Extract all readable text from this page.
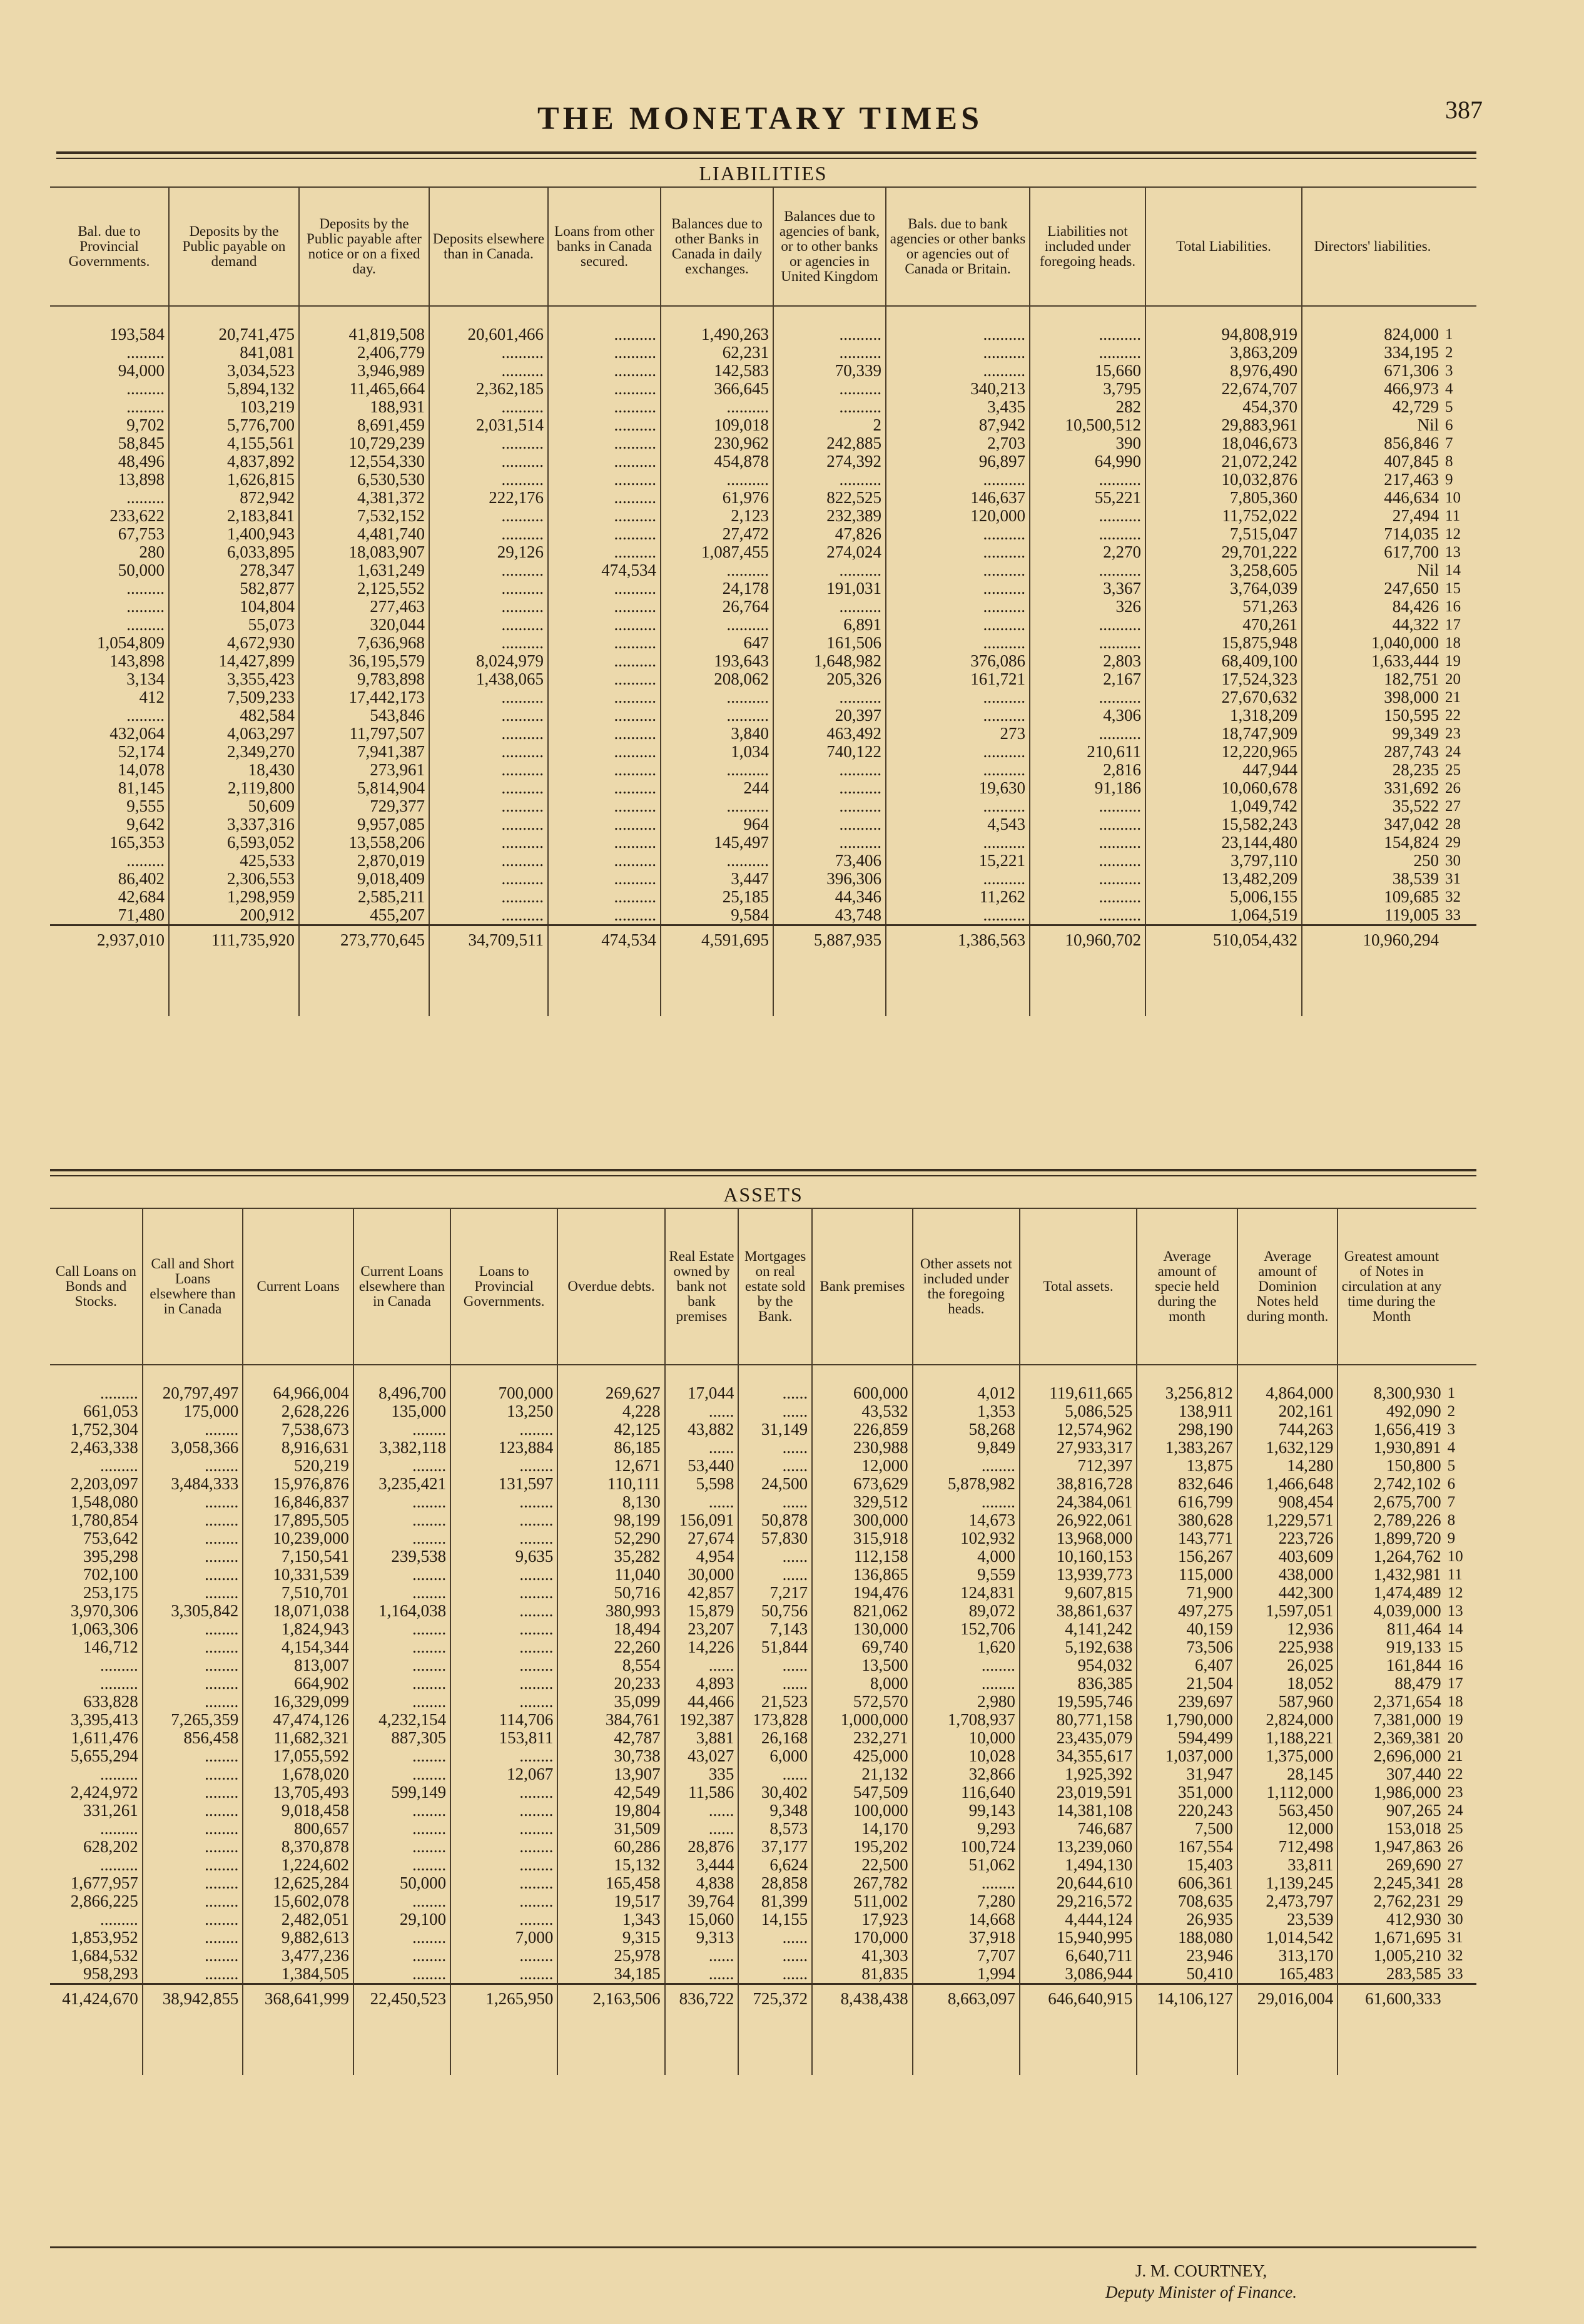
THE MONETARY TIMES	387
LIABILITIES
Bal. due to Provincial Governments.	Deposits by the Public payable on demand	Deposits by the Public payable after notice or on a fixed day.	Deposits elsewhere than in Canada.	Loans from other banks in Canada secured.	Balances due to other Banks in Canada in daily exchanges.	Balances due to agencies of bank, or to other banks or agencies in United Kingdom	Bals. due to bank agencies or other banks or agencies out of Canada or Britain.	Liabilities not included under foregoing heads.	Total Liabilities.	Directors' liabilities.	

193,584	20,741,475	41,819,508	20,601,466	..........	1,490,263	..........	..........	..........	94,808,919	824,000	1
.........	841,081	2,406,779	..........	..........	62,231	..........	..........	..........	3,863,209	334,195	2
94,000	3,034,523	3,946,989	..........	..........	142,583	70,339	..........	15,660	8,976,490	671,306	3
.........	5,894,132	11,465,664	2,362,185	..........	366,645	..........	340,213	3,795	22,674,707	466,973	4
.........	103,219	188,931	..........	..........	..........	..........	3,435	282	454,370	42,729	5
9,702	5,776,700	8,691,459	2,031,514	..........	109,018	2	87,942	10,500,512	29,883,961	Nil	6
58,845	4,155,561	10,729,239	..........	..........	230,962	242,885	2,703	390	18,046,673	856,846	7
48,496	4,837,892	12,554,330	..........	..........	454,878	274,392	96,897	64,990	21,072,242	407,845	8
13,898	1,626,815	6,530,530	..........	..........	..........	..........	..........	..........	10,032,876	217,463	9
.........	872,942	4,381,372	222,176	..........	61,976	822,525	146,637	55,221	7,805,360	446,634	10
233,622	2,183,841	7,532,152	..........	..........	2,123	232,389	120,000	..........	11,752,022	27,494	11
67,753	1,400,943	4,481,740	..........	..........	27,472	47,826	..........	..........	7,515,047	714,035	12
280	6,033,895	18,083,907	29,126	..........	1,087,455	274,024	..........	2,270	29,701,222	617,700	13
50,000	278,347	1,631,249	..........	474,534	..........	..........	..........	..........	3,258,605	Nil	14
.........	582,877	2,125,552	..........	..........	24,178	191,031	..........	3,367	3,764,039	247,650	15
.........	104,804	277,463	..........	..........	26,764	..........	..........	326	571,263	84,426	16
.........	55,073	320,044	..........	..........	..........	6,891	..........	..........	470,261	44,322	17
1,054,809	4,672,930	7,636,968	..........	..........	647	161,506	..........	..........	15,875,948	1,040,000	18
143,898	14,427,899	36,195,579	8,024,979	..........	193,643	1,648,982	376,086	2,803	68,409,100	1,633,444	19
3,134	3,355,423	9,783,898	1,438,065	..........	208,062	205,326	161,721	2,167	17,524,323	182,751	20
412	7,509,233	17,442,173	..........	..........	..........	..........	..........	..........	27,670,632	398,000	21
.........	482,584	543,846	..........	..........	..........	20,397	..........	4,306	1,318,209	150,595	22
432,064	4,063,297	11,797,507	..........	..........	3,840	463,492	273	..........	18,747,909	99,349	23
52,174	2,349,270	7,941,387	..........	..........	1,034	740,122	..........	210,611	12,220,965	287,743	24
14,078	18,430	273,961	..........	..........	..........	..........	..........	2,816	447,944	28,235	25
81,145	2,119,800	5,814,904	..........	..........	244	..........	19,630	91,186	10,060,678	331,692	26
9,555	50,609	729,377	..........	..........	..........	..........	..........	..........	1,049,742	35,522	27
9,642	3,337,316	9,957,085	..........	..........	964	..........	4,543	..........	15,582,243	347,042	28
165,353	6,593,052	13,558,206	..........	..........	145,497	..........	..........	..........	23,144,480	154,824	29
.........	425,533	2,870,019	..........	..........	..........	73,406	15,221	..........	3,797,110	250	30
86,402	2,306,553	9,018,409	..........	..........	3,447	396,306	..........	..........	13,482,209	38,539	31
42,684	1,298,959	2,585,211	..........	..........	25,185	44,346	11,262	..........	5,006,155	109,685	32
71,480	200,912	455,207	..........	..........	9,584	43,748	..........	..........	1,064,519	119,005	33
2,937,010	111,735,920	273,770,645	34,709,511	474,534	4,591,695	5,887,935	1,386,563	10,960,702	510,054,432	10,960,294	

ASSETS
Call Loans on Bonds and Stocks.	Call and Short Loans elsewhere than in Canada	Current Loans	Current Loans elsewhere than in Canada	Loans to Provincial Governments.	Overdue debts.	Real Estate owned by bank not bank premises	Mortgages on real estate sold by the Bank.	Bank premises	Other assets not included under the foregoing heads.	Total assets.	Average amount of specie held during the month	Average amount of Dominion Notes held during month.	Greatest amount of Notes in circulation at any time during the Month	

.........	20,797,497	64,966,004	8,496,700	700,000	269,627	17,044	......	600,000	4,012	119,611,665	3,256,812	4,864,000	8,300,930	1
661,053	175,000	2,628,226	135,000	13,250	4,228	......	......	43,532	1,353	5,086,525	138,911	202,161	492,090	2
1,752,304	........	7,538,673	........	........	42,125	43,882	31,149	226,859	58,268	12,574,962	298,190	744,263	1,656,419	3
2,463,338	3,058,366	8,916,631	3,382,118	123,884	86,185	......	......	230,988	9,849	27,933,317	1,383,267	1,632,129	1,930,891	4
.........	........	520,219	........	........	12,671	53,440	......	12,000	........	712,397	13,875	14,280	150,800	5
2,203,097	3,484,333	15,976,876	3,235,421	131,597	110,111	5,598	24,500	673,629	5,878,982	38,816,728	832,646	1,466,648	2,742,102	6
1,548,080	........	16,846,837	........	........	8,130	......	......	329,512	........	24,384,061	616,799	908,454	2,675,700	7
1,780,854	........	17,895,505	........	........	98,199	156,091	50,878	300,000	14,673	26,922,061	380,628	1,229,571	2,789,226	8
753,642	........	10,239,000	........	........	52,290	27,674	57,830	315,918	102,932	13,968,000	143,771	223,726	1,899,720	9
395,298	........	7,150,541	239,538	9,635	35,282	4,954	......	112,158	4,000	10,160,153	156,267	403,609	1,264,762	10
702,100	........	10,331,539	........	........	11,040	30,000	......	136,865	9,559	13,939,773	115,000	438,000	1,432,981	11
253,175	........	7,510,701	........	........	50,716	42,857	7,217	194,476	124,831	9,607,815	71,900	442,300	1,474,489	12
3,970,306	3,305,842	18,071,038	1,164,038	........	380,993	15,879	50,756	821,062	89,072	38,861,637	497,275	1,597,051	4,039,000	13
1,063,306	........	1,824,943	........	........	18,494	23,207	7,143	130,000	152,706	4,141,242	40,159	12,936	811,464	14
146,712	........	4,154,344	........	........	22,260	14,226	51,844	69,740	1,620	5,192,638	73,506	225,938	919,133	15
.........	........	813,007	........	........	8,554	......	......	13,500	........	954,032	6,407	26,025	161,844	16
.........	........	664,902	........	........	20,233	4,893	......	8,000	........	836,385	21,504	18,052	88,479	17
633,828	........	16,329,099	........	........	35,099	44,466	21,523	572,570	2,980	19,595,746	239,697	587,960	2,371,654	18
3,395,413	7,265,359	47,474,126	4,232,154	114,706	384,761	192,387	173,828	1,000,000	1,708,937	80,771,158	1,790,000	2,824,000	7,381,000	19
1,611,476	856,458	11,682,321	887,305	153,811	42,787	3,881	26,168	232,271	10,000	23,435,079	594,499	1,188,221	2,369,381	20
5,655,294	........	17,055,592	........	........	30,738	43,027	6,000	425,000	10,028	34,355,617	1,037,000	1,375,000	2,696,000	21
.........	........	1,678,020	........	12,067	13,907	335	......	21,132	32,866	1,925,392	31,947	28,145	307,440	22
2,424,972	........	13,705,493	599,149	........	42,549	11,586	30,402	547,509	116,640	23,019,591	351,000	1,112,000	1,986,000	23
331,261	........	9,018,458	........	........	19,804	......	9,348	100,000	99,143	14,381,108	220,243	563,450	907,265	24
.........	........	800,657	........	........	31,509	......	8,573	14,170	9,293	746,687	7,500	12,000	153,018	25
628,202	........	8,370,878	........	........	60,286	28,876	37,177	195,202	100,724	13,239,060	167,554	712,498	1,947,863	26
.........	........	1,224,602	........	........	15,132	3,444	6,624	22,500	51,062	1,494,130	15,403	33,811	269,690	27
1,677,957	........	12,625,284	50,000	........	165,458	4,838	28,858	267,782	........	20,644,610	606,361	1,139,245	2,245,341	28
2,866,225	........	15,602,078	........	........	19,517	39,764	81,399	511,002	7,280	29,216,572	708,635	2,473,797	2,762,231	29
.........	........	2,482,051	29,100	........	1,343	15,060	14,155	17,923	14,668	4,444,124	26,935	23,539	412,930	30
1,853,952	........	9,882,613	........	7,000	9,315	9,313	......	170,000	37,918	15,940,995	188,080	1,014,542	1,671,695	31
1,684,532	........	3,477,236	........	........	25,978	......	......	41,303	7,707	6,640,711	23,946	313,170	1,005,210	32
958,293	........	1,384,505	........	........	34,185	......	......	81,835	1,994	3,086,944	50,410	165,483	283,585	33
41,424,670	38,942,855	368,641,999	22,450,523	1,265,950	2,163,506	836,722	725,372	8,438,438	8,663,097	646,640,915	14,106,127	29,016,004	61,600,333	

J. M. COURTNEY,
Deputy Minister of Finance.
